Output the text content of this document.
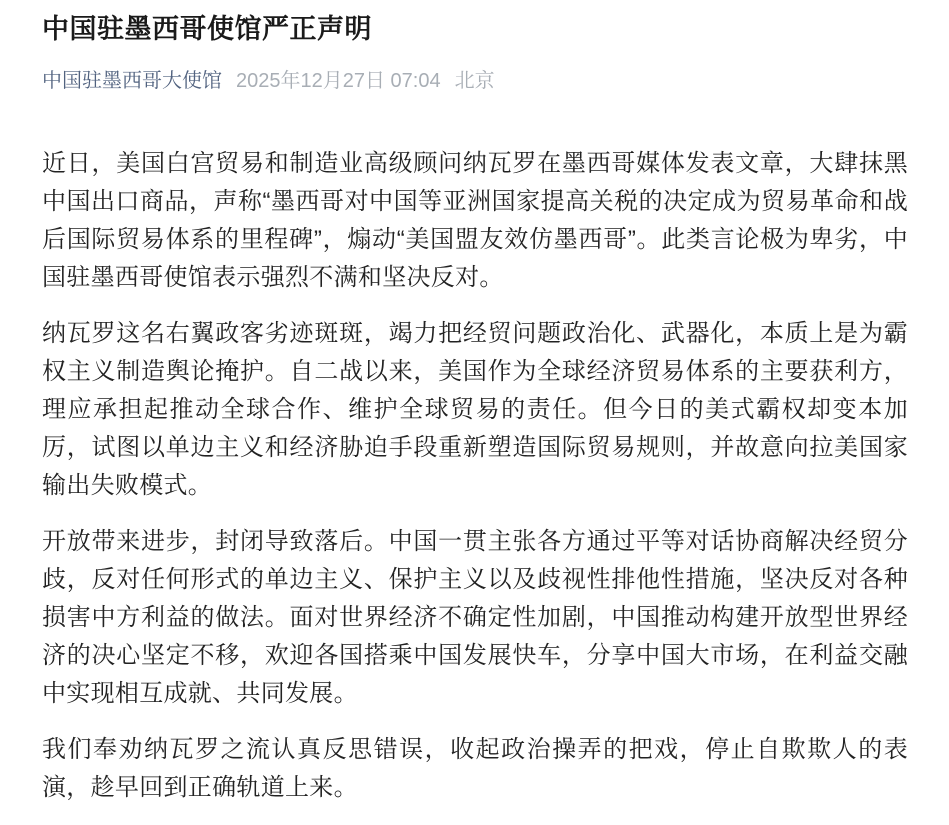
中国驻墨西哥使馆严正声明
中国驻墨西哥大使馆 2025年12月27日 07:04 北京

近日，美国白宫贸易和制造业高级顾问纳瓦罗在墨西哥媒体发表文章，大肆抹黑中国出口商品，声称“墨西哥对中国等亚洲国家提高关税的决定成为贸易革命和战后国际贸易体系的里程碑”，煽动“美国盟友效仿墨西哥”。此类言论极为卑劣，中国驻墨西哥使馆表示强烈不满和坚决反对。

纳瓦罗这名右翼政客劣迹斑斑，竭力把经贸问题政治化、武器化，本质上是为霸权主义制造舆论掩护。自二战以来，美国作为全球经济贸易体系的主要获利方，理应承担起推动全球合作、维护全球贸易的责任。但今日的美式霸权却变本加厉，试图以单边主义和经济胁迫手段重新塑造国际贸易规则，并故意向拉美国家输出失败模式。

开放带来进步，封闭导致落后。中国一贯主张各方通过平等对话协商解决经贸分歧，反对任何形式的单边主义、保护主义以及歧视性排他性措施，坚决反对各种损害中方利益的做法。面对世界经济不确定性加剧，中国推动构建开放型世界经济的决心坚定不移，欢迎各国搭乘中国发展快车，分享中国大市场，在利益交融中实现相互成就、共同发展。

我们奉劝纳瓦罗之流认真反思错误，收起政治操弄的把戏，停止自欺欺人的表演，趁早回到正确轨道上来。
